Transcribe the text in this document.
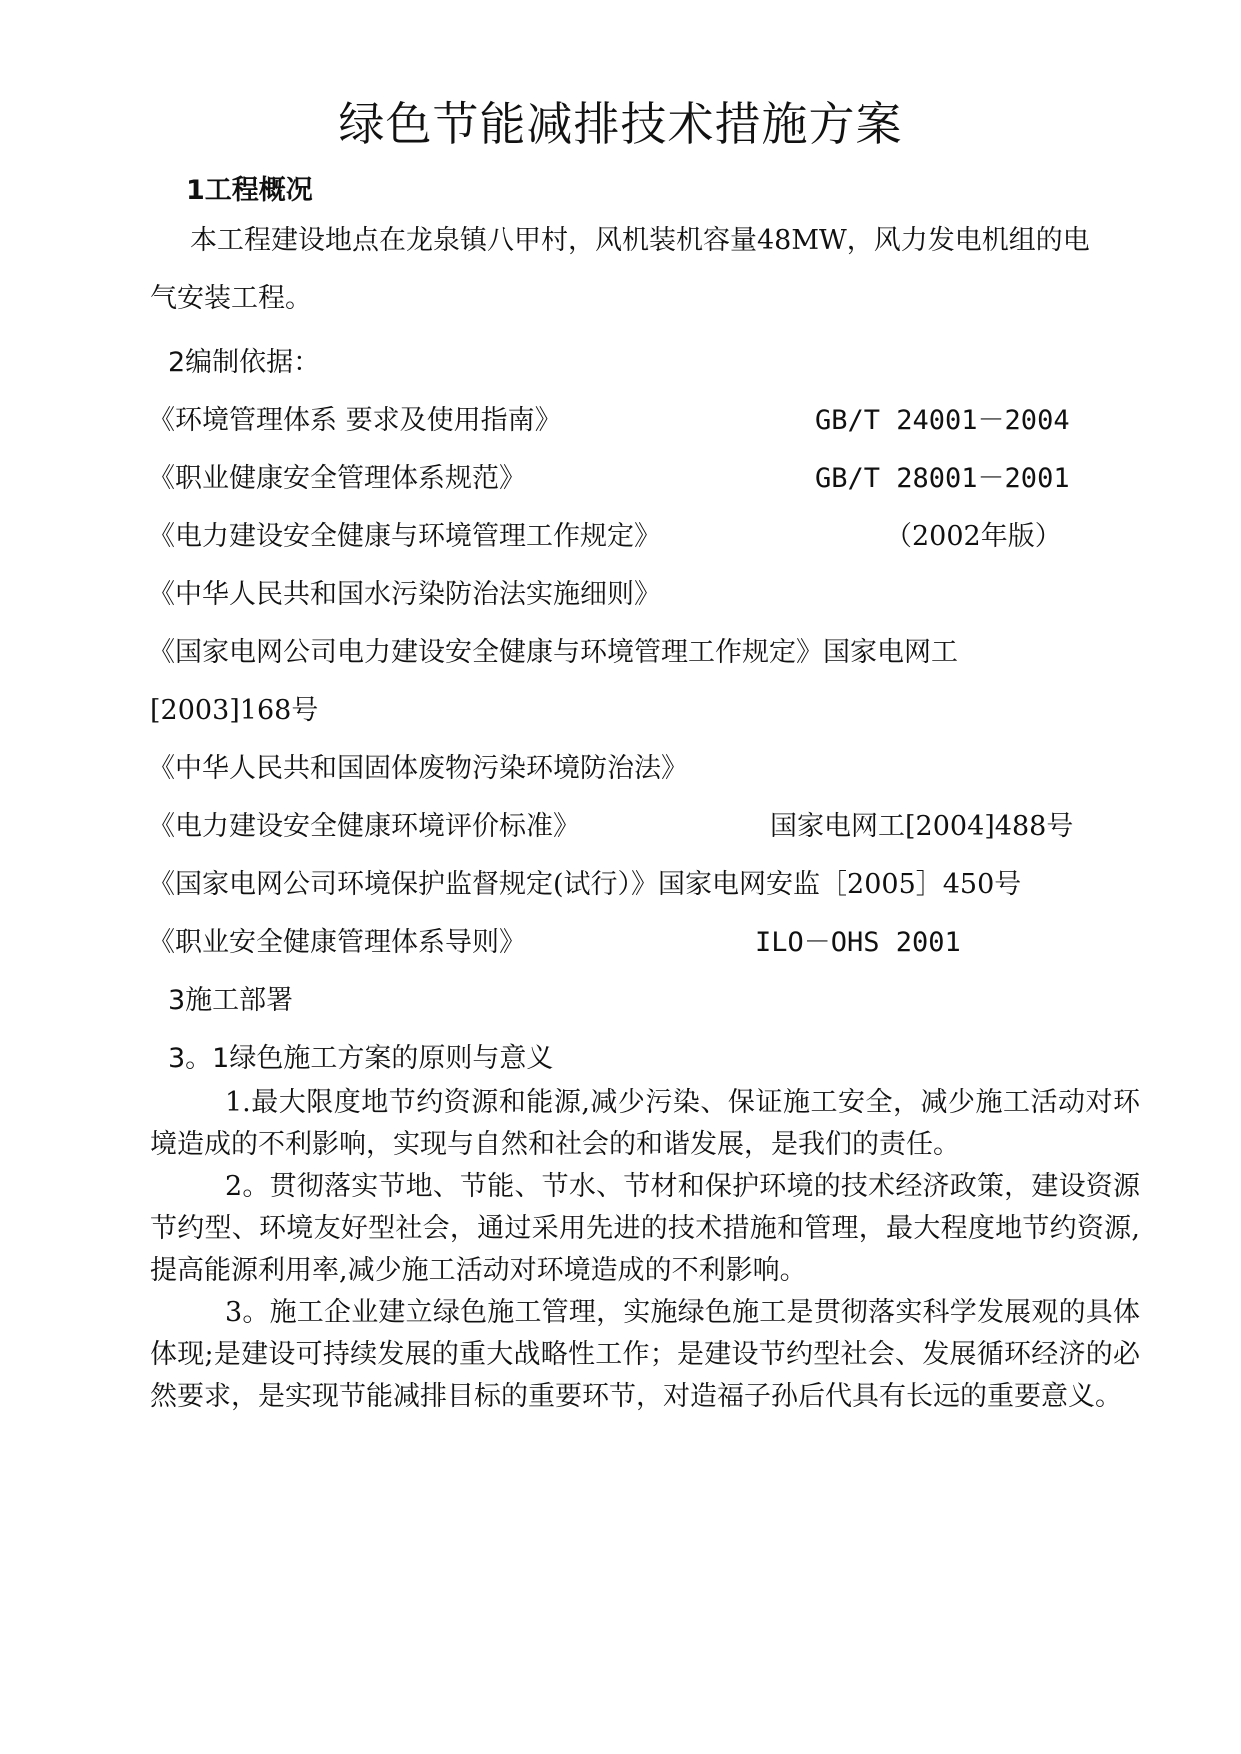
绿色节能减排技术措施方案
1工程概况
本工程建设地点在龙泉镇八甲村，风机装机容量48MW，风力发电机组的电
气安装工程。
2编制依据：
《环境管理体系 要求及使用指南》	GB/T 24001－2004
《职业健康安全管理体系规范》	GB/T 28001－2001
《电力建设安全健康与环境管理工作规定》	（2002年版）
《中华人民共和国水污染防治法实施细则》
《国家电网公司电力建设安全健康与环境管理工作规定》国家电网工
[2003]168号
《中华人民共和国固体废物污染环境防治法》
《电力建设安全健康环境评价标准》	国家电网工[2004]488号
《国家电网公司环境保护监督规定(试行）》国家电网安监［2005］450号
《职业安全健康管理体系导则》	ILO－OHS 2001
3施工部署
3。1绿色施工方案的原则与意义
1.最大限度地节约资源和能源,减少污染、保证施工安全，减少施工活动对环境造成的不利影响，实现与自然和社会的和谐发展，是我们的责任。
2。贯彻落实节地、节能、节水、节材和保护环境的技术经济政策，建设资源节约型、环境友好型社会，通过采用先进的技术措施和管理，最大程度地节约资源,提高能源利用率,减少施工活动对环境造成的不利影响。
3。施工企业建立绿色施工管理，实施绿色施工是贯彻落实科学发展观的具体体现;是建设可持续发展的重大战略性工作；是建设节约型社会、发展循环经济的必然要求，是实现节能减排目标的重要环节，对造福子孙后代具有长远的重要意义。
